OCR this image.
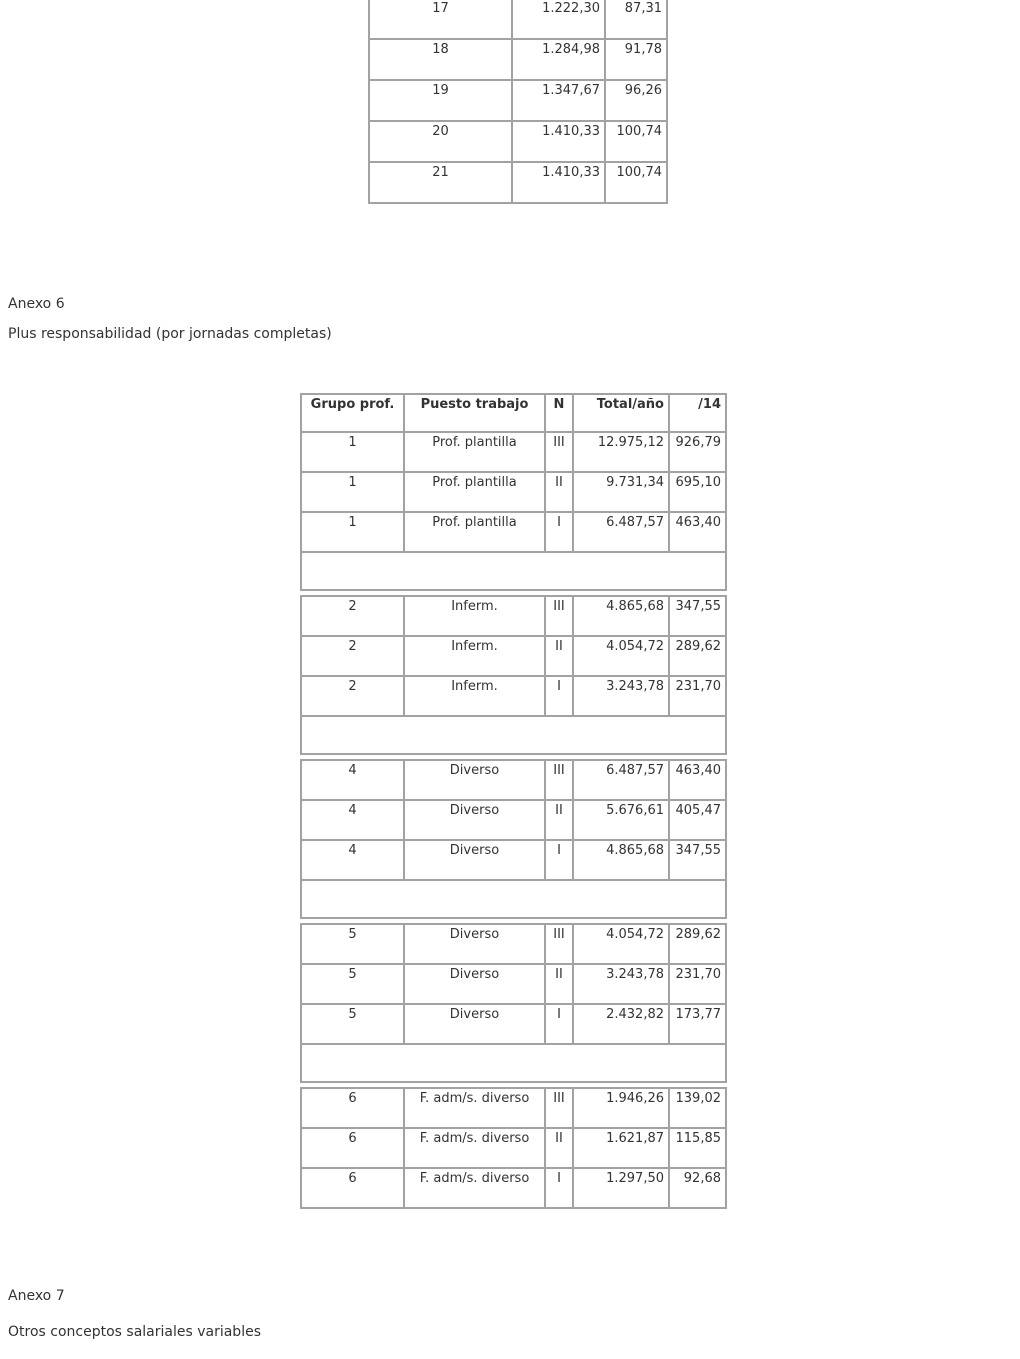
17	1.222,30	87,31
18	1.284,98	91,78
19	1.347,67	96,26
20	1.410,33	100,74
21	1.410,33	100,74
Anexo 6
Plus responsabilidad (por jornadas completas)
Grupo prof.	Puesto trabajo	N	Total/año	/14
1	Prof. plantilla	III	12.975,12	926,79
1	Prof. plantilla	II	9.731,34	695,10
1	Prof. plantilla	I	6.487,57	463,40

2	Inferm.	III	4.865,68	347,55
2	Inferm.	II	4.054,72	289,62
2	Inferm.	I	3.243,78	231,70

4	Diverso	III	6.487,57	463,40
4	Diverso	II	5.676,61	405,47
4	Diverso	I	4.865,68	347,55

5	Diverso	III	4.054,72	289,62
5	Diverso	II	3.243,78	231,70
5	Diverso	I	2.432,82	173,77

6	F. adm/s. diverso	III	1.946,26	139,02
6	F. adm/s. diverso	II	1.621,87	115,85
6	F. adm/s. diverso	I	1.297,50	92,68
Anexo 7
Otros conceptos salariales variables
